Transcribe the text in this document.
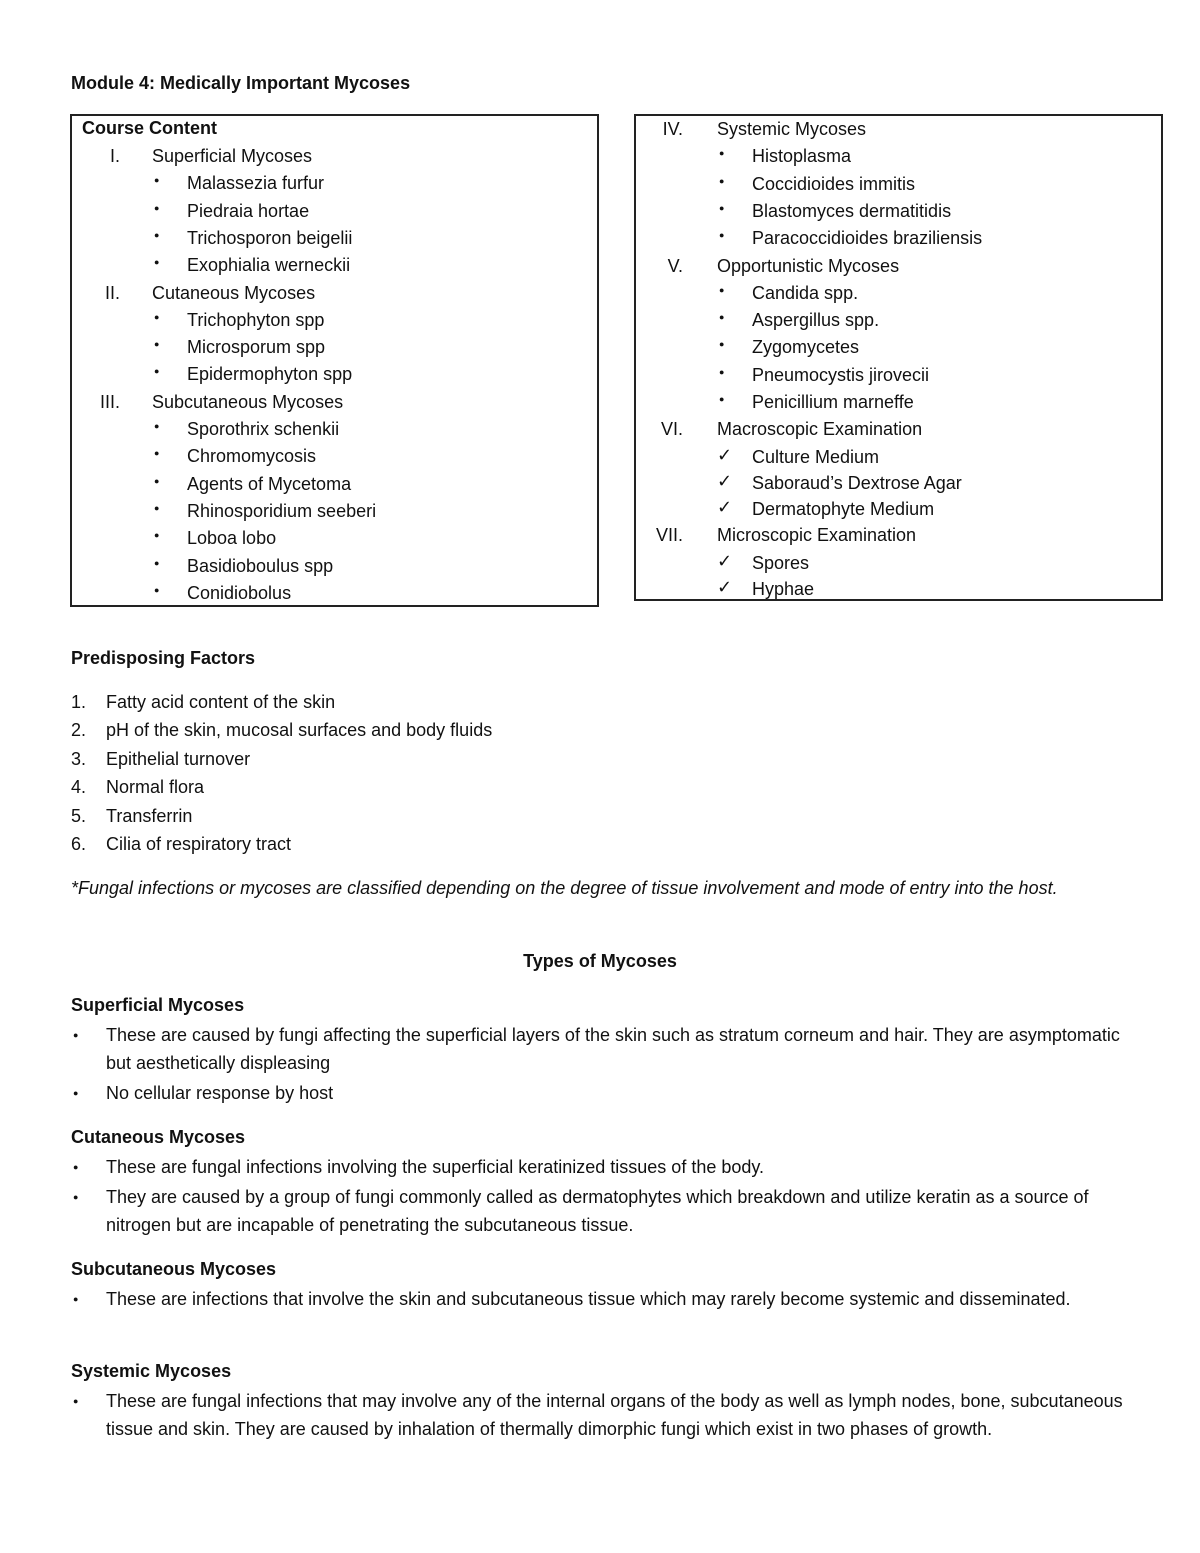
Module 4: Medically Important Mycoses
Course Content
I. Superficial Mycoses
● Malassezia furfur
● Piedraia hortae
● Trichosporon beigelii
● Exophialia werneckii
II. Cutaneous Mycoses
● Trichophyton spp
● Microsporum spp
● Epidermophyton spp
III. Subcutaneous Mycoses
● Sporothrix schenkii
● Chromomycosis
● Agents of Mycetoma
● Rhinosporidium seeberi
● Loboa lobo
● Basidioboulus spp
● Conidiobolus
IV. Systemic Mycoses
● Histoplasma
● Coccidioides immitis
● Blastomyces dermatitidis
● Paracoccidioides braziliensis
V. Opportunistic Mycoses
● Candida spp.
● Aspergillus spp.
● Zygomycetes
● Pneumocystis jirovecii
● Penicillium marneffe
VI. Macroscopic Examination
✓ Culture Medium
✓ Saboraud’s Dextrose Agar
✓ Dermatophyte Medium
VII. Microscopic Examination
✓ Spores
✓ Hyphae
Predisposing Factors
1. Fatty acid content of the skin
2. pH of the skin, mucosal surfaces and body fluids
3. Epithelial turnover
4. Normal flora
5. Transferrin
6. Cilia of respiratory tract
*Fungal infections or mycoses are classified depending on the degree of tissue involvement and mode of entry into the host.
Types of Mycoses
Superficial Mycoses
● These are caused by fungi affecting the superficial layers of the skin such as stratum corneum and hair. They are asymptomatic but aesthetically displeasing
● No cellular response by host
Cutaneous Mycoses
● These are fungal infections involving the superficial keratinized tissues of the body.
● They are caused by a group of fungi commonly called as dermatophytes which breakdown and utilize keratin as a source of nitrogen but are incapable of penetrating the subcutaneous tissue.
Subcutaneous Mycoses
● These are infections that involve the skin and subcutaneous tissue which may rarely become systemic and disseminated.
Systemic Mycoses
● These are fungal infections that may involve any of the internal organs of the body as well as lymph nodes, bone, subcutaneous tissue and skin. They are caused by inhalation of thermally dimorphic fungi which exist in two phases of growth.
